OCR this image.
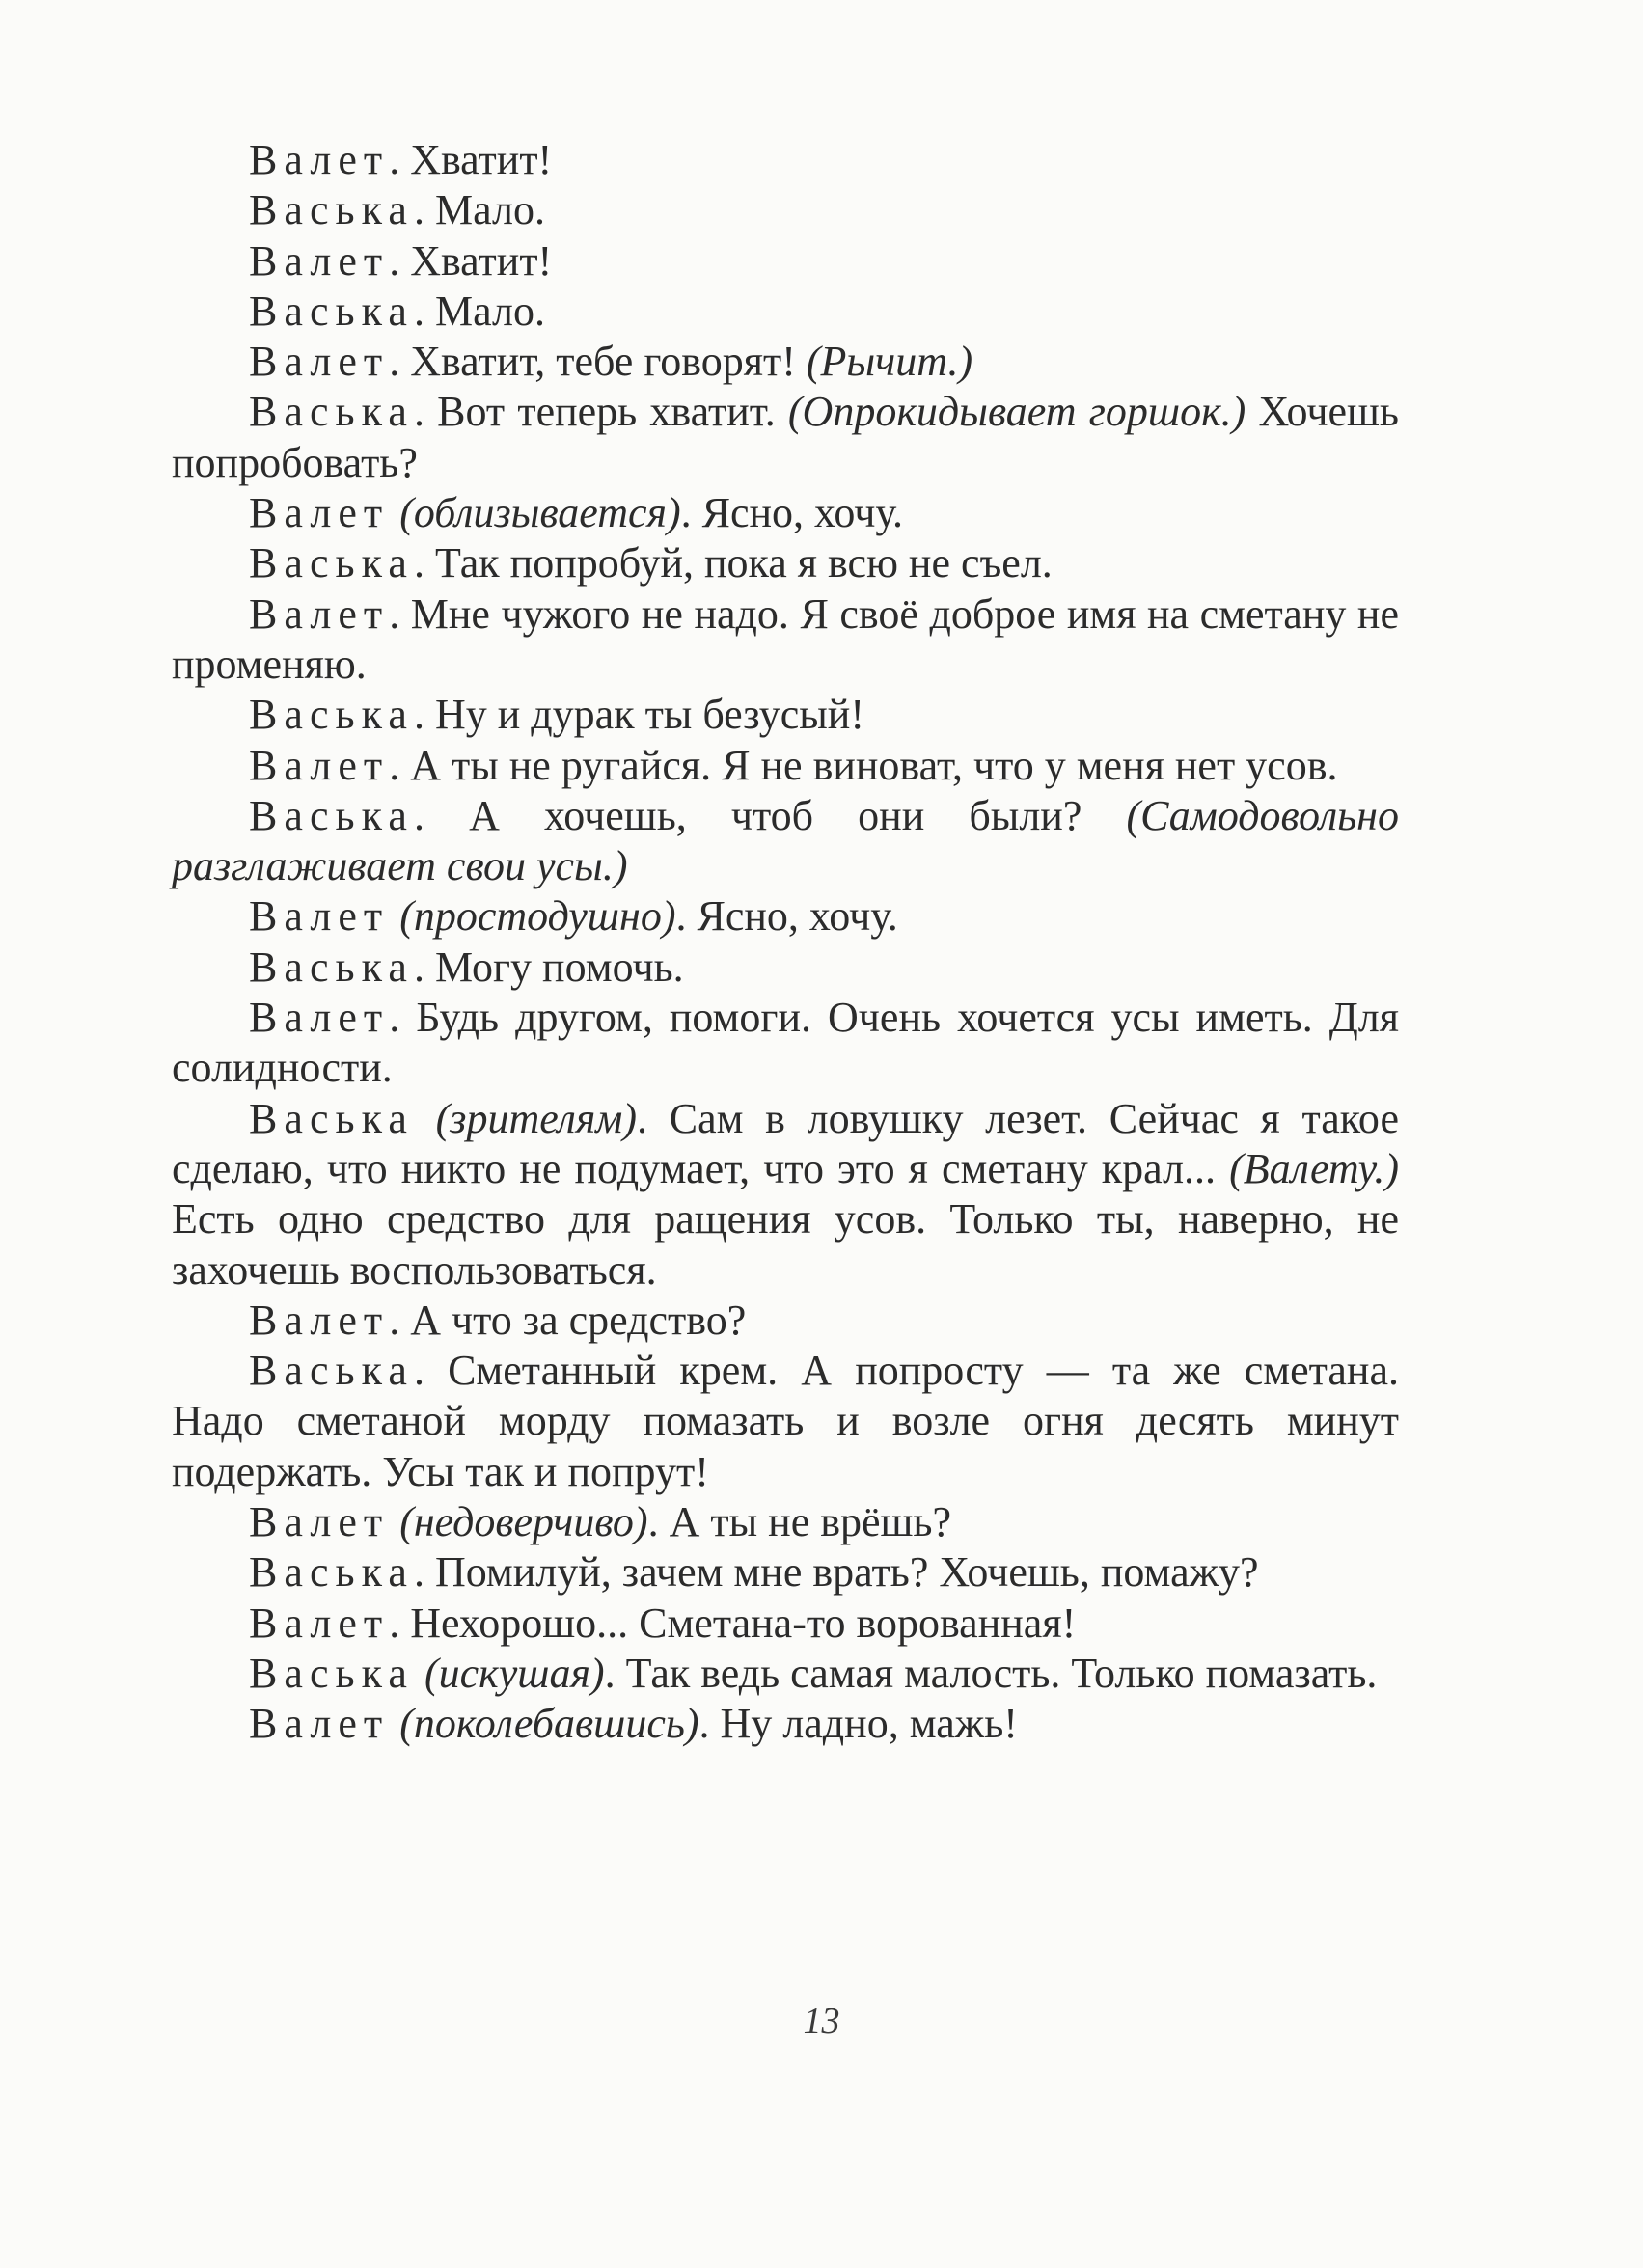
Валет. Хватит!

Васька. Мало.

Валет. Хватит!

Васька. Мало.

Валет. Хватит, тебе говорят! (Рычит.)

Васька. Вот теперь хватит. (Опрокидывает горшок.) Хочешь попробовать?

Валет (облизывается). Ясно, хочу.

Васька. Так попробуй, пока я всю не съел.

Валет. Мне чужого не надо. Я своё доброе имя на сметану не променяю.

Васька. Ну и дурак ты безусый!

Валет. А ты не ругайся. Я не виноват, что у меня нет усов.

Васька. А хочешь, чтоб они были? (Самодовольно разглаживает свои усы.)

Валет (простодушно). Ясно, хочу.

Васька. Могу помочь.

Валет. Будь другом, помоги. Очень хочется усы иметь. Для солидности.

Васька (зрителям). Сам в ловушку лезет. Сейчас я такое сделаю, что никто не подумает, что это я сметану крал... (Валету.) Есть одно средство для ращения усов. Только ты, наверно, не захочешь воспользоваться.

Валет. А что за средство?

Васька. Сметанный крем. А попросту — та же сметана. Надо сметаной морду помазать и возле огня десять минут подержать. Усы так и попрут!

Валет (недоверчиво). А ты не врёшь?

Васька. Помилуй, зачем мне врать? Хочешь, помажу?

Валет. Нехорошо... Сметана-то ворованная!

Васька (искушая). Так ведь самая малость. Только помазать.

Валет (поколебавшись). Ну ладно, мажь!

13
